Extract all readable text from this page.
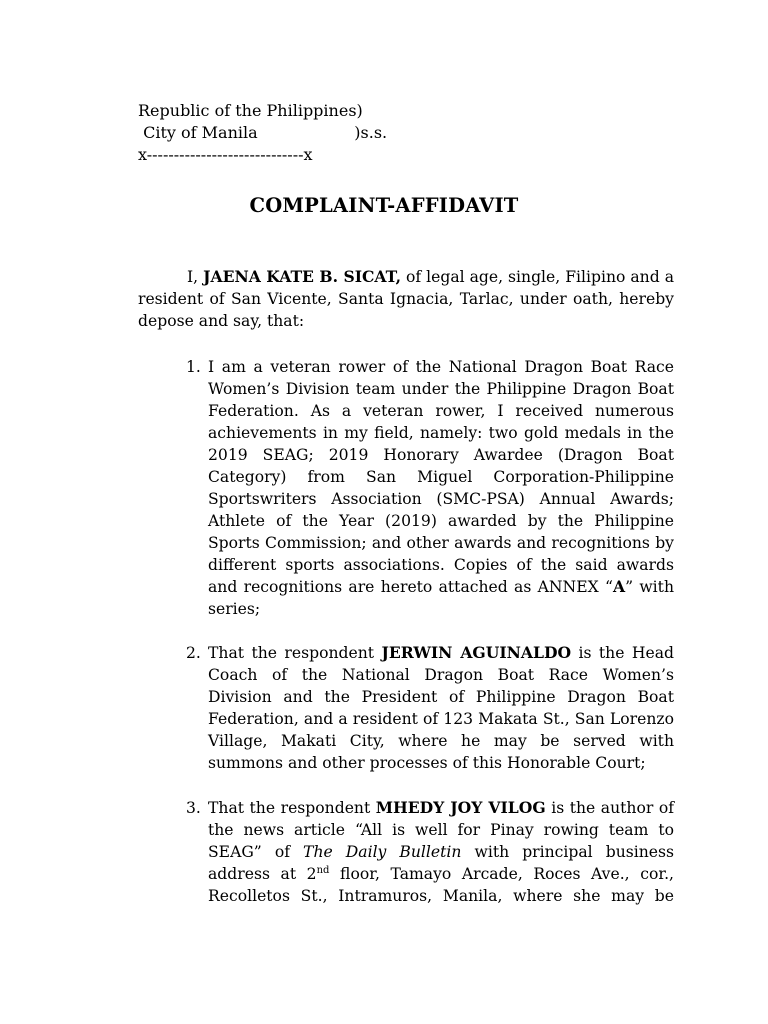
Republic of the Philippines)
City of Manila                   )s.s.
x-----------------------------x
COMPLAINT-AFFIDAVIT
I, JAENA KATE B. SICAT, of legal age, single, Filipino and a resident of San Vicente, Santa Ignacia, Tarlac, under oath, hereby depose and say, that:
1. I am a veteran rower of the National Dragon Boat Race Women’s Division team under the Philippine Dragon Boat Federation. As a veteran rower, I received numerous achievements in my field, namely: two gold medals in the 2019 SEAG; 2019 Honorary Awardee (Dragon Boat Category) from San Miguel Corporation-Philippine Sportswriters Association (SMC-PSA) Annual Awards; Athlete of the Year (2019) awarded by the Philippine Sports Commission; and other awards and recognitions by different sports associations. Copies of the said awards and recognitions are hereto attached as ANNEX “A” with series;
2. That the respondent JERWIN AGUINALDO is the Head Coach of the National Dragon Boat Race Women’s Division and the President of Philippine Dragon Boat Federation, and a resident of 123 Makata St., San Lorenzo Village, Makati City, where he may be served with summons and other processes of this Honorable Court;
3. That the respondent MHEDY JOY VILOG is the author of the news article “All is well for Pinay rowing team to SEAG” of The Daily Bulletin with principal business address at 2nd floor, Tamayo Arcade, Roces Ave., cor., Recolletos St., Intramuros, Manila, where she may be
